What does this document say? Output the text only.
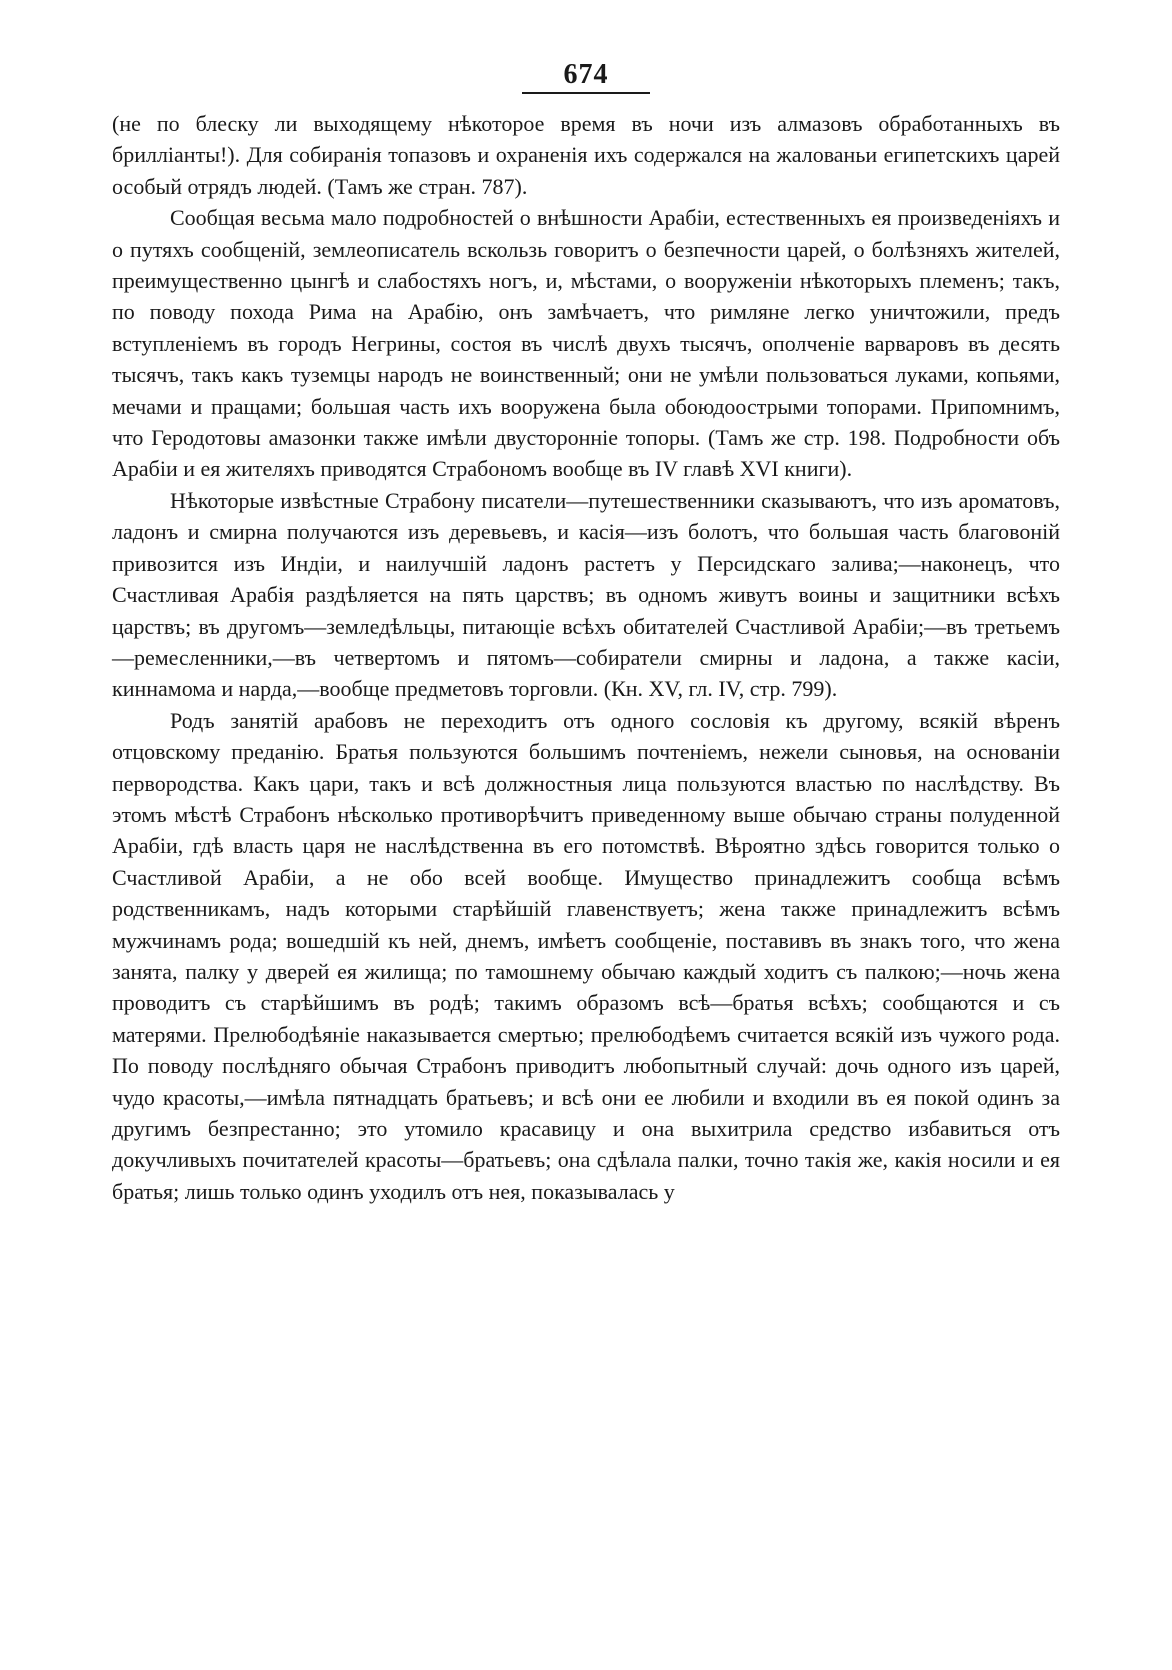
674

(не по блеску ли выходящему нѣкоторое время въ ночи изъ алмазовъ обработанныхъ въ брилліанты!). Для собиранія топазовъ и охраненія ихъ содержался на жалованьи египетскихъ царей особый отрядъ людей. (Тамъ же стран. 787).

Сообщая весьма мало подробностей о внѣшности Арабіи, естественныхъ ея произведеніяхъ и о путяхъ сообщеній, землеописатель вскользь говоритъ о безпечности царей, о болѣзняхъ жителей, преимущественно цынгѣ и слабостяхъ ногъ, и, мѣстами, о вооруженіи нѣкоторыхъ племенъ; такъ, по поводу похода Рима на Арабію, онъ замѣчаетъ, что римляне легко уничтожили, предъ вступленіемъ въ городъ Негрины, состоя въ числѣ двухъ тысячъ, ополченіе варваровъ въ десять тысячъ, такъ какъ туземцы народъ не воинственный; они не умѣли пользоваться луками, копьями, мечами и пращами; большая часть ихъ вооружена была обоюдоострыми топорами. Припомнимъ, что Геродотовы амазонки также имѣли двусторонніе топоры. (Тамъ же стр. 198. Подробности объ Арабіи и ея жителяхъ приводятся Страбономъ вообще въ IV главѣ XVI книги).

Нѣкоторые извѣстные Страбону писатели—путешественники сказываютъ, что изъ ароматовъ, ладонъ и смирна получаются изъ деревьевъ, и касія—изъ болотъ, что большая часть благовоній привозится изъ Индіи, и наилучшій ладонъ растетъ у Персидскаго залива;—наконецъ, что Счастливая Арабія раздѣляется на пять царствъ; въ одномъ живутъ воины и защитники всѣхъ царствъ; въ другомъ—земледѣльцы, питающіе всѣхъ обитателей Счастливой Арабіи;—въ третьемъ—ремесленники,—въ четвертомъ и пятомъ—собиратели смирны и ладона, а также касіи, киннамома и нарда,—вообще предметовъ торговли. (Кн. XV, гл. IV, стр. 799).

Родъ занятій арабовъ не переходитъ отъ одного сословія къ другому, всякій вѣренъ отцовскому преданію. Братья пользуются большимъ почтеніемъ, нежели сыновья, на основаніи первородства. Какъ цари, такъ и всѣ должностныя лица пользуются властью по наслѣдству. Въ этомъ мѣстѣ Страбонъ нѣсколько противорѣчитъ приведенному выше обычаю страны полуденной Арабіи, гдѣ власть царя не наслѣдственна въ его потомствѣ. Вѣроятно здѣсь говорится только о Счастливой Арабіи, а не обо всей вообще. Имущество принадлежитъ сообща всѣмъ родственникамъ, надъ которыми старѣйшій главенствуетъ; жена также принадлежитъ всѣмъ мужчинамъ рода; вошедшій къ ней, днемъ, имѣетъ сообщеніе, поставивъ въ знакъ того, что жена занята, палку у дверей ея жилища; по тамошнему обычаю каждый ходитъ съ палкою;—ночь жена проводитъ съ старѣйшимъ въ родѣ; такимъ образомъ всѣ—братья всѣхъ; сообщаются и съ матерями. Прелюбодѣяніе наказывается смертью; прелюбодѣемъ считается всякій изъ чужого рода. По поводу послѣдняго обычая Страбонъ приводитъ любопытный случай: дочь одного изъ царей, чудо красоты,—имѣла пятнадцать братьевъ; и всѣ они ее любили и входили въ ея покой одинъ за другимъ безпрестанно; это утомило красавицу и она выхитрила средство избавиться отъ докучливыхъ почитателей красоты—братьевъ; она сдѣлала палки, точно такія же, какія носили и ея братья; лишь только одинъ уходилъ отъ нея, показывалась у
